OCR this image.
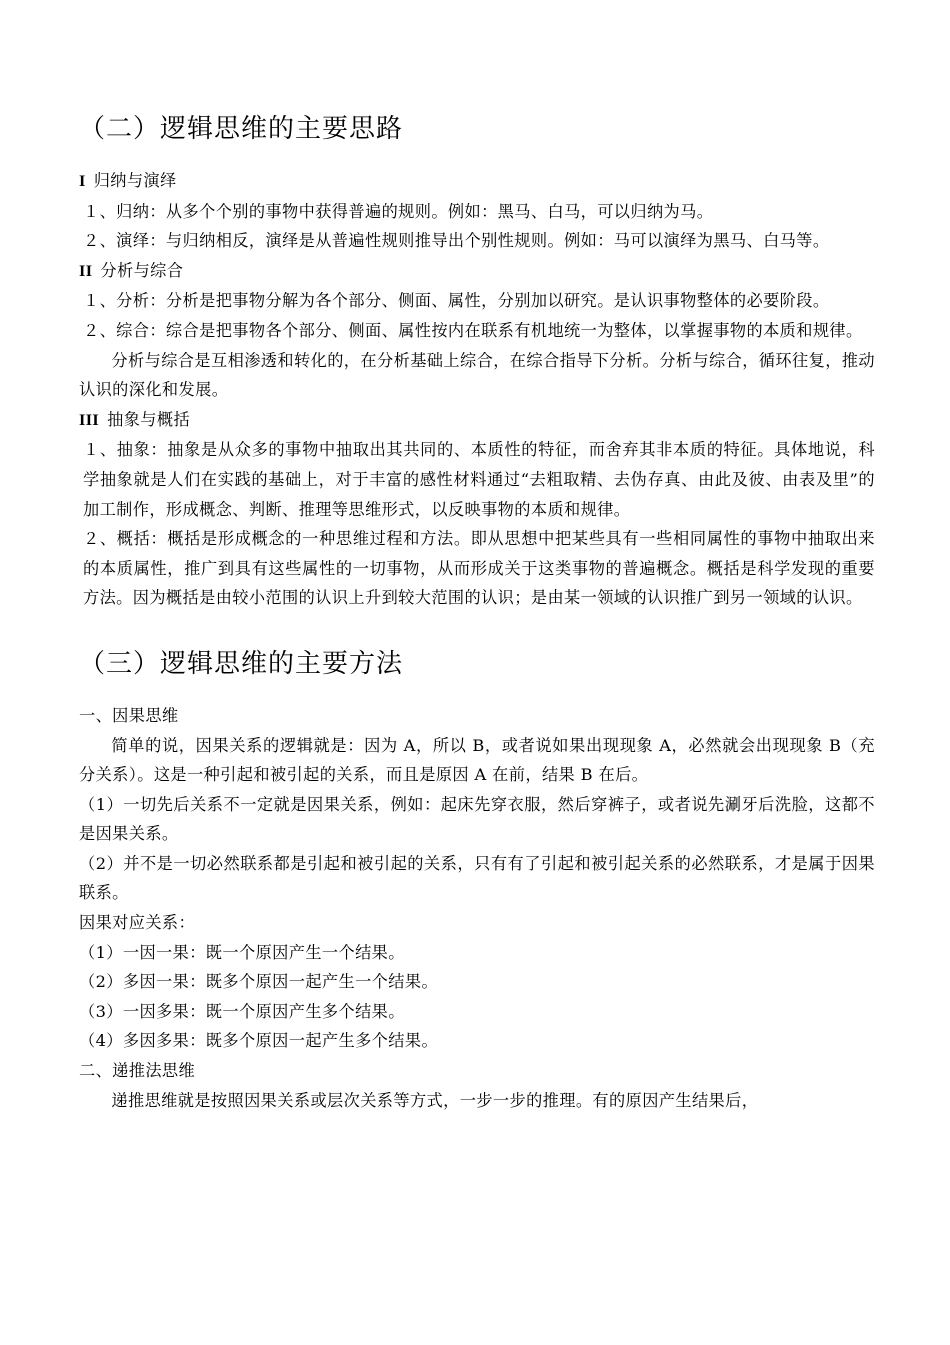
（二）逻辑思维的主要思路

I 归纳与演绎

１、归纳：从多个个别的事物中获得普遍的规则。例如：黑马、白马，可以归纳为马。

２、演绎：与归纳相反，演绎是从普遍性规则推导出个别性规则。例如：马可以演绎为黑马、白马等。

II 分析与综合

１、分析：分析是把事物分解为各个部分、侧面、属性，分别加以研究。是认识事物整体的必要阶段。

２、综合：综合是把事物各个部分、侧面、属性按内在联系有机地统一为整体，以掌握事物的本质和规律。

分析与综合是互相渗透和转化的，在分析基础上综合，在综合指导下分析。分析与综合，循环往复，推动认识的深化和发展。

III 抽象与概括

１、抽象：抽象是从众多的事物中抽取出其共同的、本质性的特征，而舍弃其非本质的特征。具体地说，科学抽象就是人们在实践的基础上，对于丰富的感性材料通过“去粗取精、去伪存真、由此及彼、由表及里”的加工制作，形成概念、判断、推理等思维形式，以反映事物的本质和规律。

２、概括：概括是形成概念的一种思维过程和方法。即从思想中把某些具有一些相同属性的事物中抽取出来的本质属性，推广到具有这些属性的一切事物，从而形成关于这类事物的普遍概念。概括是科学发现的重要方法。因为概括是由较小范围的认识上升到较大范围的认识；是由某一领域的认识推广到另一领域的认识。

（三）逻辑思维的主要方法

一、因果思维

简单的说，因果关系的逻辑就是：因为 A，所以 B，或者说如果出现现象 A，必然就会出现现象 B（充分关系）。这是一种引起和被引起的关系，而且是原因 A 在前，结果 B 在后。

（1）一切先后关系不一定就是因果关系，例如：起床先穿衣服，然后穿裤子，或者说先涮牙后洗脸，这都不是因果关系。

（2）并不是一切必然联系都是引起和被引起的关系，只有有了引起和被引起关系的必然联系，才是属于因果联系。

因果对应关系：

（1）一因一果：既一个原因产生一个结果。

（2）多因一果：既多个原因一起产生一个结果。

（3）一因多果：既一个原因产生多个结果。

（4）多因多果：既多个原因一起产生多个结果。

二、递推法思维

递推思维就是按照因果关系或层次关系等方式，一步一步的推理。有的原因产生结果后，
